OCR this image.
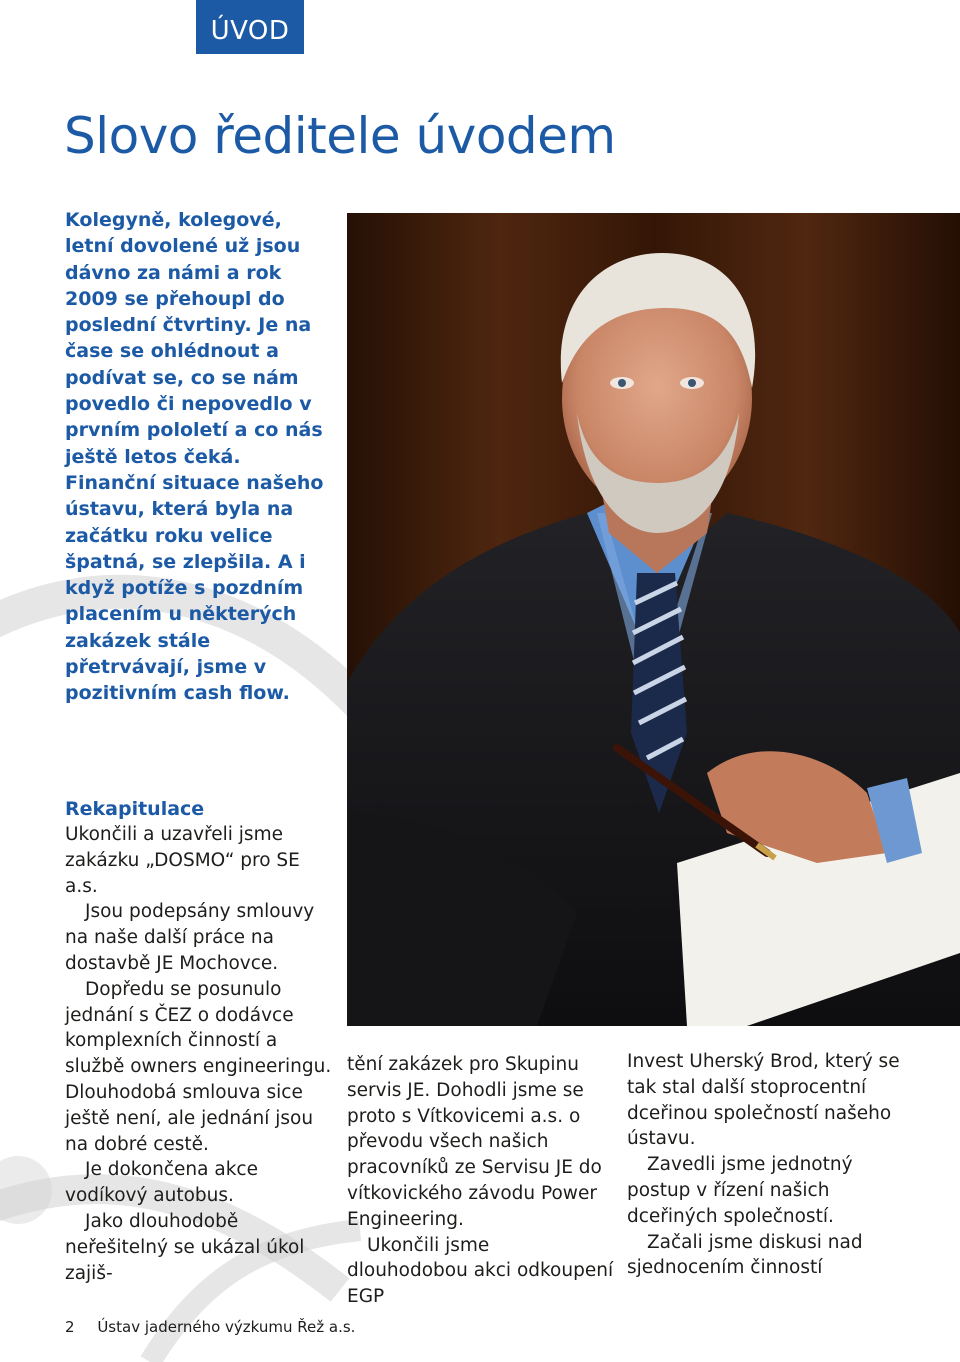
ÚVOD
Slovo ředitele úvodem

Kolegyně, kolegové, letní dovolené už jsou dávno za námi a rok 2009 se přehoupl do poslední čtvrtiny. Je na čase se ohlédnout a podívat se, co se nám povedlo či nepovedlo v prvním pololetí a co nás ještě letos čeká. Finanční situace našeho ústavu, která byla na začátku roku velice špatná, se zlepšila. A i když potíže s pozdním placením u některých zakázek stále přetrvávají, jsme v pozitivním cash flow.

Rekapitulace

Ukončili a uzavřeli jsme zakázku „DOSMO“ pro SE a.s.

Jsou podepsány smlouvy na naše další práce na dostavbě JE Mochovce.

Dopředu se posunulo jednání s ČEZ o dodávce komplexních činností a službě owners engineeringu. Dlouhodobá smlouva sice ještě není, ale jednání jsou na dobré cestě.

Je dokončena akce vodíkový autobus.

Jako dlouhodobě neřešitelný se ukázal úkol zajiš-

tění zakázek pro Skupinu servis JE. Dohodli jsme se proto s Vítkovicemi a.s. o převodu všech našich pracovníků ze Servisu JE do vítkovického závodu Power Engineering.

Ukončili jsme dlouhodobou akci odkoupení EGP

Invest Uherský Brod, který se tak stal další stoprocentní dceřinou společností našeho ústavu.

Zavedli jsme jednotný postup v řízení našich dceřiných společností.

Začali jsme diskusi nad sjednocením činností

2 Ústav jaderného výzkumu Řež a.s.
